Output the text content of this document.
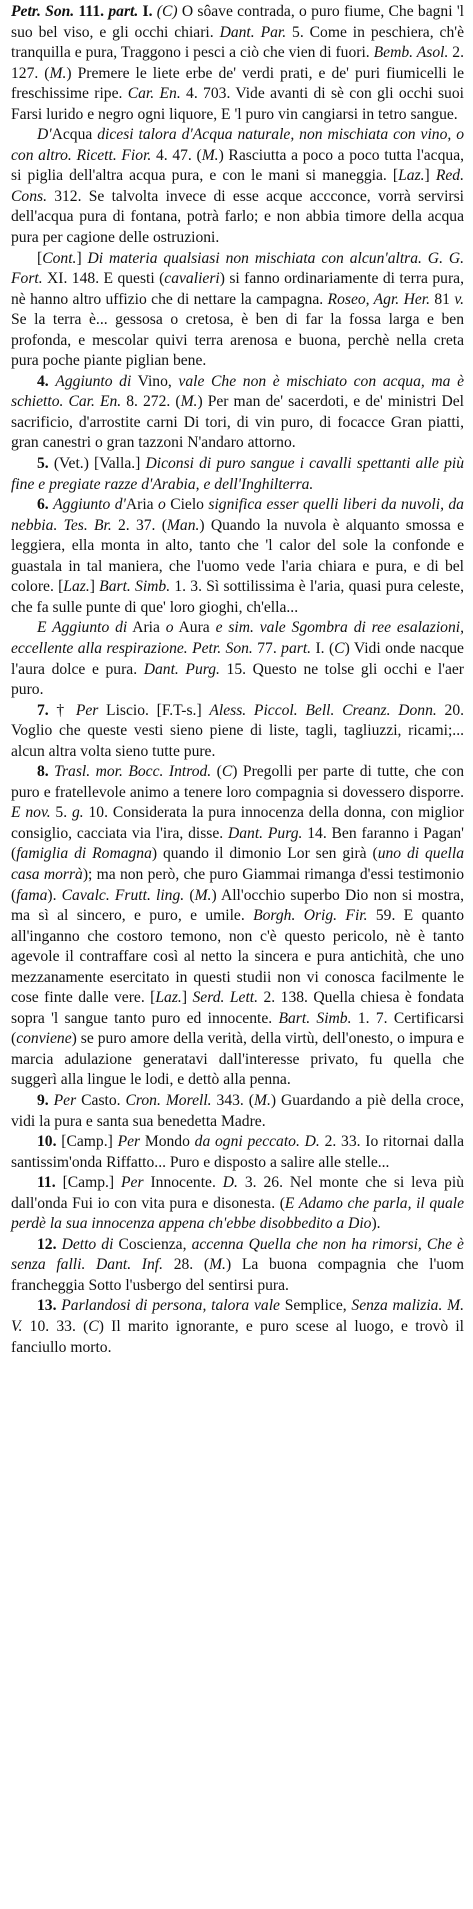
Petr. Son. 111. part. I. (C) O sôave contrada, o puro fiume, Che bagni 'l suo bel viso, e gli occhi chiari. Dant. Par. 5. Come in peschiera, ch'è tranquilla e pura, Traggono i pesci a ciò che vien di fuori. Bemb. Asol. 2. 127. (M.) Premere le liete erbe de' verdi prati, e de' puri fiumicelli le freschissime ripe. Car. En. 4. 703. Vide avanti di sè con gli occhi suoi Farsi lurido e negro ogni liquore, E 'l puro vin cangiarsi in tetro sangue.

D'Acqua dicesi talora d'Acqua naturale, non mischiata con vino, o con altro. Ricett. Fior. 4. 47. (M.) Rasciutta a poco a poco tutta l'acqua, si piglia dell'altra acqua pura, e con le mani si maneggia. [Laz.] Red. Cons. 312. Se talvolta invece di esse acque accconce, vorrà servirsi dell'acqua pura di fontana, potrà farlo; e non abbia timore della acqua pura per cagione delle ostruzioni.

[Cont.] Di materia qualsiasi non mischiata con alcun'altra. G. G. Fort. XI. 148. E questi (cavalieri) si fanno ordinariamente di terra pura, nè hanno altro uffizio che di nettare la campagna. Roseo, Agr. Her. 81 v. Se la terra è... gessosa o cretosa, è ben di far la fossa larga e ben profonda, e mescolar quivi terra arenosa e buona, perchè nella creta pura poche piante piglian bene.

4. Aggiunto di Vino, vale Che non è mischiato con acqua, ma è schietto. Car. En. 8. 272. (M.) Per man de' sacerdoti, e de' ministri Del sacrificio, d'arrostite carni Di tori, di vin puro, di focacce Gran piatti, gran canestri o gran tazzoni N'andaro attorno.

5. (Vet.) [Valla.] Diconsi di puro sangue i cavalli spettanti alle più fine e pregiate razze d'Arabia, e dell'Inghilterra.

6. Aggiunto d'Aria o Cielo significa esser quelli liberi da nuvoli, da nebbia. Tes. Br. 2. 37. (Man.) Quando la nuvola è alquanto smossa e leggiera, ella monta in alto, tanto che 'l calor del sole la confonde e guastala in tal maniera, che l'uomo vede l'aria chiara e pura, e di bel colore. [Laz.] Bart. Simb. 1. 3. Sì sottilissima è l'aria, quasi pura celeste, che fa sulle punte di que' loro gioghi, ch'ella...

E Aggiunto di Aria o Aura e sim. vale Sgombra di ree esalazioni, eccellente alla respirazione. Petr. Son. 77. part. I. (C) Vidi onde nacque l'aura dolce e pura. Dant. Purg. 15. Questo ne tolse gli occhi e l'aer puro.

7. † Per Liscio. [F.T-s.] Aless. Piccol. Bell. Creanz. Donn. 20. Voglio che queste vesti sieno piene di liste, tagli, tagliuzzi, ricami;... alcun altra volta sieno tutte pure.

8. Trasl. mor. Bocc. Introd. (C) Pregolli per parte di tutte, che con puro e fratellevole animo a tenere loro compagnia si dovessero disporre. E nov. 5. g. 10. Considerata la pura innocenza della donna, con miglior consiglio, cacciata via l'ira, disse. Dant. Purg. 14. Ben faranno i Pagan' (famiglia di Romagna) quando il dimonio Lor sen girà (uno di quella casa morrà); ma non però, che puro Giammai rimanga d'essi testimonio (fama). Cavalc. Frutt. ling. (M.) All'occhio superbo Dio non si mostra, ma sì al sincero, e puro, e umile. Borgh. Orig. Fir. 59. E quanto all'inganno che costoro temono, non c'è questo pericolo, nè è tanto agevole il contraffare così al netto la sincera e pura antichità, che uno mezzanamente esercitato in questi studii non vi conosca facilmente le cose finte dalle vere. [Laz.] Serd. Lett. 2. 138. Quella chiesa è fondata sopra 'l sangue tanto puro ed innocente. Bart. Simb. 1. 7. Certificarsi (conviene) se puro amore della verità, della virtù, dell'onesto, o impura e marcia adulazione generatavi dall'interesse privato, fu quella che suggerì alla lingue le lodi, e dettò alla penna.

9. Per Casto. Cron. Morell. 343. (M.) Guardando a piè della croce, vidi la pura e santa sua benedetta Madre.

10. [Camp.] Per Mondo da ogni peccato. D. 2. 33. Io ritornai dalla santissim'onda Riffatto... Puro e disposto a salire alle stelle...

11. [Camp.] Per Innocente. D. 3. 26. Nel monte che si leva più dall'onda Fui io con vita pura e disonesta. (E Adamo che parla, il quale perdè la sua innocenza appena ch'ebbe disobbedito a Dio).

12. Detto di Coscienza, accenna Quella che non ha rimorsi, Che è senza falli. Dant. Inf. 28. (M.) La buona compagnia che l'uom francheggia Sotto l'usbergo del sentirsi pura.

13. Parlandosi di persona, talora vale Semplice, Senza malizia. M. V. 10. 33. (C) Il marito ignorante, e puro scese al luogo, e trovò il fanciullo morto.
